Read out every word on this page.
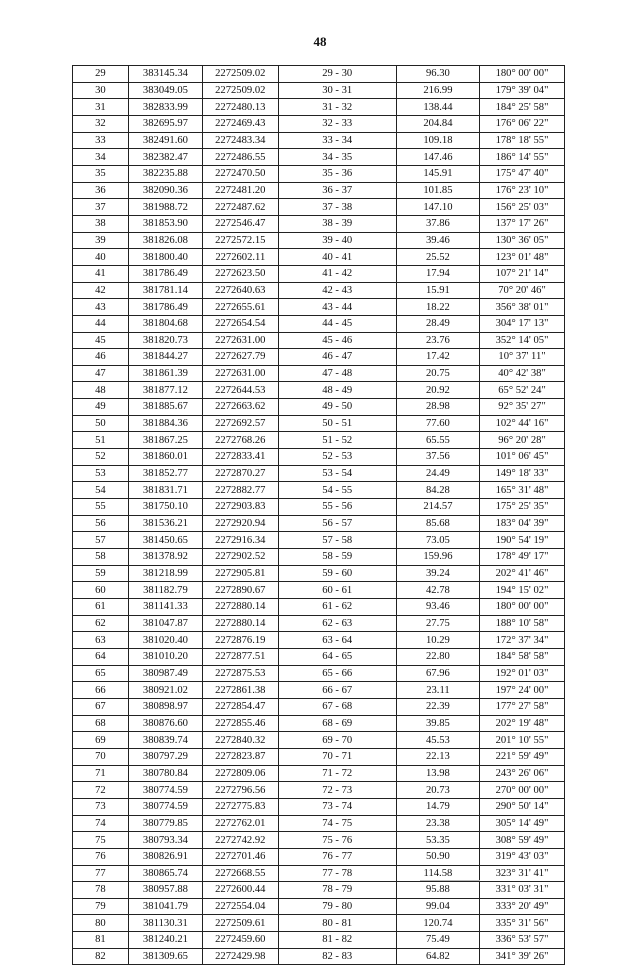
48
29	383145.34	2272509.02	29 - 30	96.30	180° 00' 00"
30	383049.05	2272509.02	30 - 31	216.99	179° 39' 04"
31	382833.99	2272480.13	31 - 32	138.44	184° 25' 58"
32	382695.97	2272469.43	32 - 33	204.84	176° 06' 22"
33	382491.60	2272483.34	33 - 34	109.18	178° 18' 55"
34	382382.47	2272486.55	34 - 35	147.46	186° 14' 55"
35	382235.88	2272470.50	35 - 36	145.91	175° 47' 40"
36	382090.36	2272481.20	36 - 37	101.85	176° 23' 10"
37	381988.72	2272487.62	37 - 38	147.10	156° 25' 03"
38	381853.90	2272546.47	38 - 39	37.86	137° 17' 26"
39	381826.08	2272572.15	39 - 40	39.46	130° 36' 05"
40	381800.40	2272602.11	40 - 41	25.52	123° 01' 48"
41	381786.49	2272623.50	41 - 42	17.94	107° 21' 14"
42	381781.14	2272640.63	42 - 43	15.91	70° 20' 46"
43	381786.49	2272655.61	43 - 44	18.22	356° 38' 01"
44	381804.68	2272654.54	44 - 45	28.49	304° 17' 13"
45	381820.73	2272631.00	45 - 46	23.76	352° 14' 05"
46	381844.27	2272627.79	46 - 47	17.42	10° 37' 11"
47	381861.39	2272631.00	47 - 48	20.75	40° 42' 38"
48	381877.12	2272644.53	48 - 49	20.92	65° 52' 24"
49	381885.67	2272663.62	49 - 50	28.98	92° 35' 27"
50	381884.36	2272692.57	50 - 51	77.60	102° 44' 16"
51	381867.25	2272768.26	51 - 52	65.55	96° 20' 28"
52	381860.01	2272833.41	52 - 53	37.56	101° 06' 45"
53	381852.77	2272870.27	53 - 54	24.49	149° 18' 33"
54	381831.71	2272882.77	54 - 55	84.28	165° 31' 48"
55	381750.10	2272903.83	55 - 56	214.57	175° 25' 35"
56	381536.21	2272920.94	56 - 57	85.68	183° 04' 39"
57	381450.65	2272916.34	57 - 58	73.05	190° 54' 19"
58	381378.92	2272902.52	58 - 59	159.96	178° 49' 17"
59	381218.99	2272905.81	59 - 60	39.24	202° 41' 46"
60	381182.79	2272890.67	60 - 61	42.78	194° 15' 02"
61	381141.33	2272880.14	61 - 62	93.46	180° 00' 00"
62	381047.87	2272880.14	62 - 63	27.75	188° 10' 58"
63	381020.40	2272876.19	63 - 64	10.29	172° 37' 34"
64	381010.20	2272877.51	64 - 65	22.80	184° 58' 58"
65	380987.49	2272875.53	65 - 66	67.96	192° 01' 03"
66	380921.02	2272861.38	66 - 67	23.11	197° 24' 00"
67	380898.97	2272854.47	67 - 68	22.39	177° 27' 58"
68	380876.60	2272855.46	68 - 69	39.85	202° 19' 48"
69	380839.74	2272840.32	69 - 70	45.53	201° 10' 55"
70	380797.29	2272823.87	70 - 71	22.13	221° 59' 49"
71	380780.84	2272809.06	71 - 72	13.98	243° 26' 06"
72	380774.59	2272796.56	72 - 73	20.73	270° 00' 00"
73	380774.59	2272775.83	73 - 74	14.79	290° 50' 14"
74	380779.85	2272762.01	74 - 75	23.38	305° 14' 49"
75	380793.34	2272742.92	75 - 76	53.35	308° 59' 49"
76	380826.91	2272701.46	76 - 77	50.90	319° 43' 03"
77	380865.74	2272668.55	77 - 78	114.58	323° 31' 41"
78	380957.88	2272600.44	78 - 79	95.88	331° 03' 31"
79	381041.79	2272554.04	79 - 80	99.04	333° 20' 49"
80	381130.31	2272509.61	80 - 81	120.74	335° 31' 56"
81	381240.21	2272459.60	81 - 82	75.49	336° 53' 57"
82	381309.65	2272429.98	82 - 83	64.82	341° 39' 26"
